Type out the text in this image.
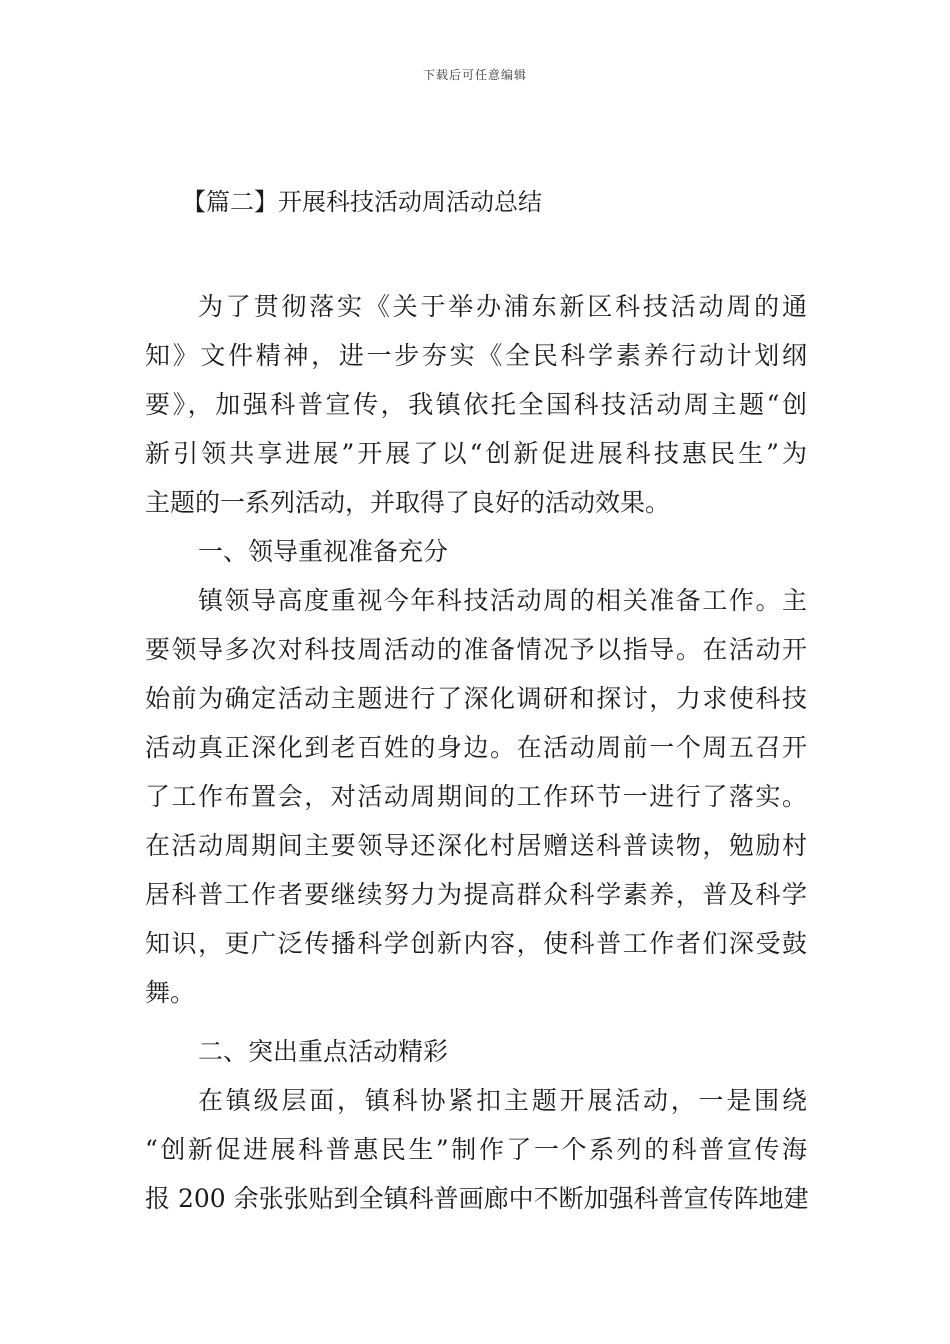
下载后可任意编辑
【篇二】开展科技活动周活动总结
为了贯彻落实《关于举办浦东新区科技活动周的通
知》文件精神，进一步夯实《全民科学素养行动计划纲
要》，加强科普宣传，我镇依托全国科技活动周主题“创
新引领共享进展”开展了以“创新促进展科技惠民生”为
主题的一系列活动，并取得了良好的活动效果。
一、领导重视准备充分
镇领导高度重视今年科技活动周的相关准备工作。主
要领导多次对科技周活动的准备情况予以指导。在活动开
始前为确定活动主题进行了深化调研和探讨，力求使科技
活动真正深化到老百姓的身边。在活动周前一个周五召开
了工作布置会，对活动周期间的工作环节一进行了落实。
在活动周期间主要领导还深化村居赠送科普读物，勉励村
居科普工作者要继续努力为提高群众科学素养，普及科学
知识，更广泛传播科学创新内容，使科普工作者们深受鼓
舞。
二、突出重点活动精彩
在镇级层面，镇科协紧扣主题开展活动，一是围绕
“创新促进展科普惠民生”制作了一个系列的科普宣传海
报 200 余张张贴到全镇科普画廊中不断加强科普宣传阵地建
